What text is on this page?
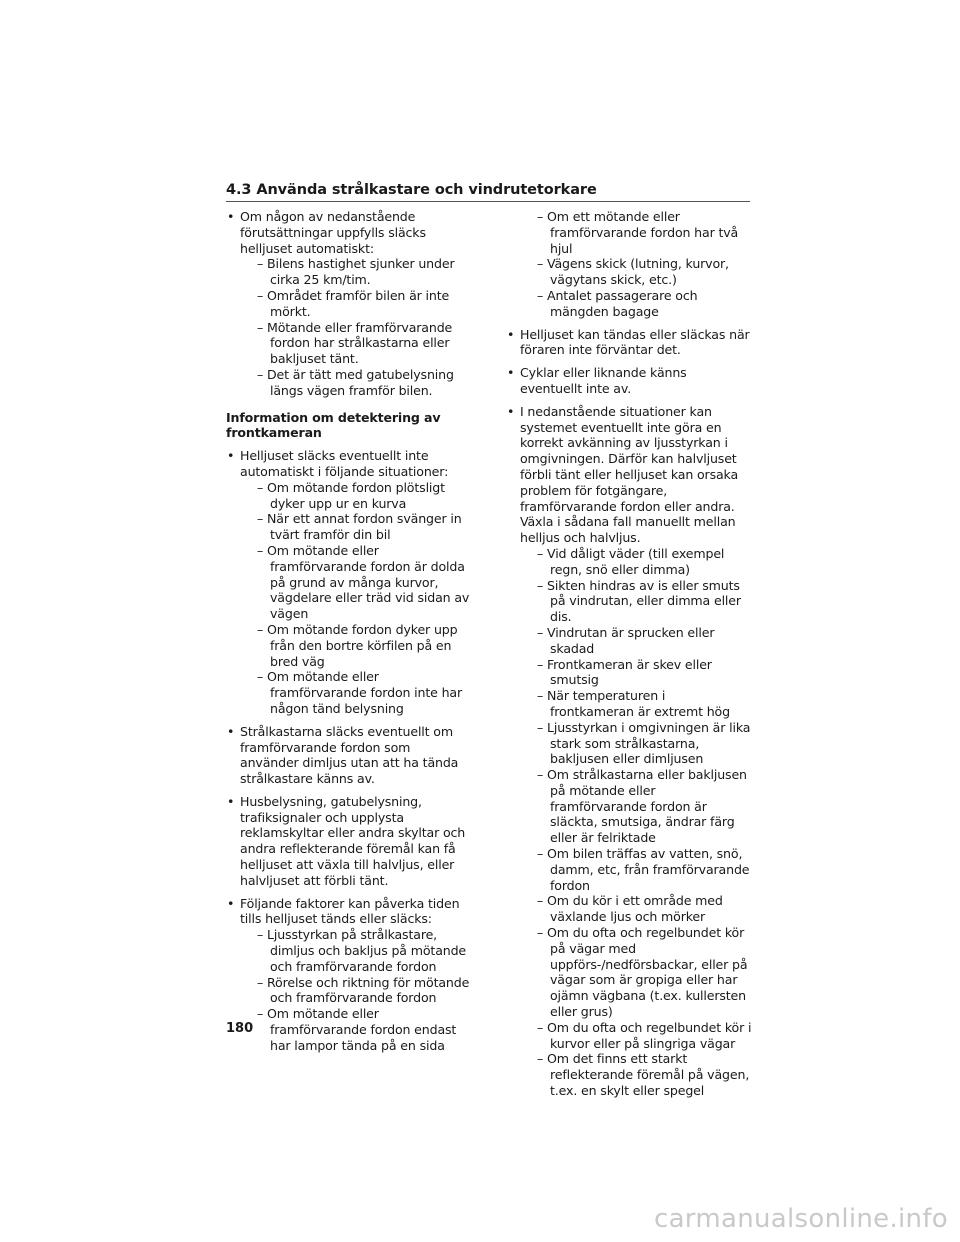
4.3 Använda strålkastare och vindrutetorkare
• Om någon av nedanstående förutsättningar uppfylls släcks helljuset automatiskt:
– Bilens hastighet sjunker under cirka 25 km/tim.
– Området framför bilen är inte mörkt.
– Mötande eller framförvarande fordon har strålkastarna eller bakljuset tänt.
– Det är tätt med gatubelysning längs vägen framför bilen.
Information om detektering av frontkameran
• Helljuset släcks eventuellt inte automatiskt i följande situationer:
– Om mötande fordon plötsligt dyker upp ur en kurva
– När ett annat fordon svänger in tvärt framför din bil
– Om mötande eller framförvarande fordon är dolda på grund av många kurvor, vägdelare eller träd vid sidan av vägen
– Om mötande fordon dyker upp från den bortre körfilen på en bred väg
– Om mötande eller framförvarande fordon inte har någon tänd belysning
• Strålkastarna släcks eventuellt om framförvarande fordon som använder dimljus utan att ha tända strålkastare känns av.
• Husbelysning, gatubelysning, trafiksignaler och upplysta reklamskyltar eller andra skyltar och andra reflekterande föremål kan få helljuset att växla till halvljus, eller halvljuset att förbli tänt.
• Följande faktorer kan påverka tiden tills helljuset tänds eller släcks:
– Ljusstyrkan på strålkastare, dimljus och bakljus på mötande och framförvarande fordon
– Rörelse och riktning för mötande och framförvarande fordon
– Om mötande eller framförvarande fordon endast har lampor tända på en sida
– Om ett mötande eller framförvarande fordon har två hjul
– Vägens skick (lutning, kurvor, vägytans skick, etc.)
– Antalet passagerare och mängden bagage
• Helljuset kan tändas eller släckas när föraren inte förväntar det.
• Cyklar eller liknande känns eventuellt inte av.
• I nedanstående situationer kan systemet eventuellt inte göra en korrekt avkänning av ljusstyrkan i omgivningen. Därför kan halvljuset förbli tänt eller helljuset kan orsaka problem för fotgängare, framförvarande fordon eller andra. Växla i sådana fall manuellt mellan helljus och halvljus.
– Vid dåligt väder (till exempel regn, snö eller dimma)
– Sikten hindras av is eller smuts på vindrutan, eller dimma eller dis.
– Vindrutan är sprucken eller skadad
– Frontkameran är skev eller smutsig
– När temperaturen i frontkameran är extremt hög
– Ljusstyrkan i omgivningen är lika stark som strålkastarna, bakljusen eller dimljusen
– Om strålkastarna eller bakljusen på mötande eller framförvarande fordon är släckta, smutsiga, ändrar färg eller är felriktade
– Om bilen träffas av vatten, snö, damm, etc, från framförvarande fordon
– Om du kör i ett område med växlande ljus och mörker
– Om du ofta och regelbundet kör på vägar med uppförs-/nedförsbackar, eller på vägar som är gropiga eller har ojämn vägbana (t.ex. kullersten eller grus)
– Om du ofta och regelbundet kör i kurvor eller på slingriga vägar
– Om det finns ett starkt reflekterande föremål på vägen, t.ex. en skylt eller spegel
180
carmanualsonline.info
